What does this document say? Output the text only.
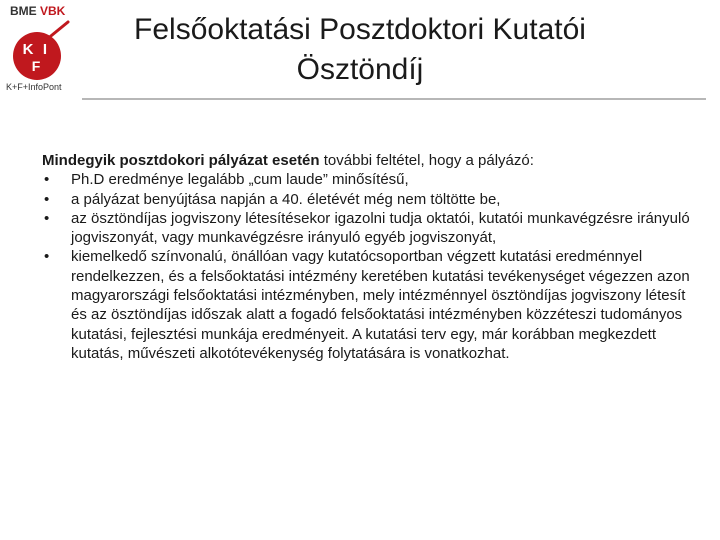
BME VBK
K I
F
K+F+InfoPont
Felsőoktatási Posztdoktori Kutatói
Ösztöndíj
Mindegyik posztdokori pályázat esetén további feltétel, hogy a pályázó:
• Ph.D eredménye legalább „cum laude” minősítésű,
• a pályázat benyújtása napján a 40. életévét még nem töltötte be,
• az ösztöndíjas jogviszony létesítésekor igazolni tudja oktatói, kutatói munkavégzésre irányuló jogviszonyát, vagy munkavégzésre irányuló egyéb jogviszonyát,
• kiemelkedő színvonalú, önállóan vagy kutatócsoportban végzett kutatási eredménnyel rendelkezzen, és a felsőoktatási intézmény keretében kutatási tevékenységet végezzen azon magyarországi felsőoktatási intézményben, mely intézménnyel ösztöndíjas jogviszony létesít és az ösztöndíjas időszak alatt a fogadó felsőoktatási intézményben közzéteszi tudományos kutatási, fejlesztési munkája eredményeit. A kutatási terv egy, már korábban megkezdett kutatás, művészeti alkotótevékenység folytatására is vonatkozhat.
